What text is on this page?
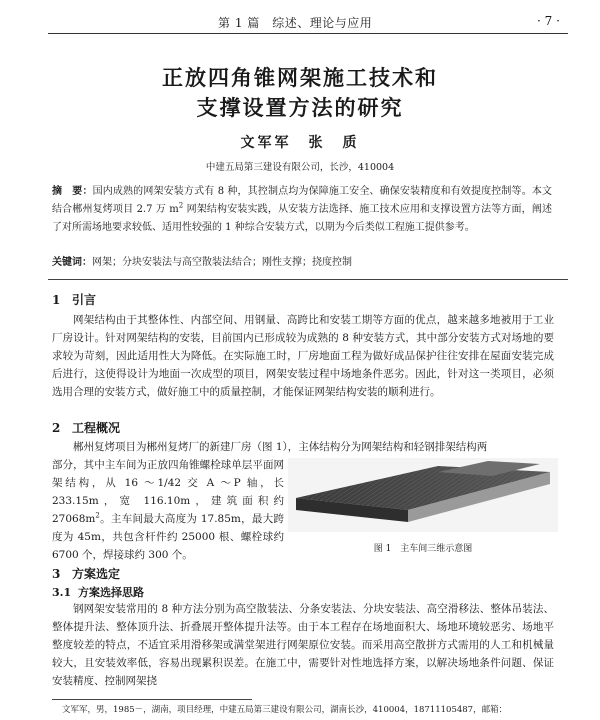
第 1 篇　综述、理论与应用	· 7 ·
正放四角锥网架施工技术和
支撑设置方法的研究
文军军　张　质
中建五局第三建设有限公司，长沙，410004
摘　要：国内成熟的网架安装方式有 8 种，其控制点均为保障施工安全、确保安装精度和有效提度控制等。本文结合郴州复烤项目 2.7 万 $m^2$ 网架结构安装实践，从安装方法选择、施工技术应用和支撑设置方法等方面，阐述了对所需场地要求较低、适用性较强的 1 种综合安装方式，以期为今后类似工程施工提供参考。
关键词：网架；分块安装法与高空散装法结合；刚性支撑；挠度控制
1 引言
网架结构由于其整体性、内部空间、用钢量、高跨比和安装工期等方面的优点，越来越多地被用于工业厂房设计。针对网架结构的安装，目前国内已形成较为成熟的 8 种安装方式，其中部分安装方式对场地的要求较为苛刻，因此适用性大为降低。在实际施工时，厂房地面工程为做好成品保护往往安排在屋面安装完成后进行，这使得设计为地面一次成型的项目，网架安装过程中场地条件恶劣。因此，针对这一类项目，必须选用合理的安装方式，做好施工中的质量控制，才能保证网架结构安装的顺利进行。
2 工程概况
郴州复烤项目为郴州复烤厂的新建厂房（图 1），主体结构分为网架结构和轻钢排架结构两
部分，其中主车间为正放四角锥螺栓球单层平面网架结构，从 16 ～1/42 交 A ～P 轴，长 233.15m，宽 116.10m，建筑面积约 $27068m^2$。主车间最大高度为 17.85m，最大跨度为 45m，共包含杆件约 25000 根、螺栓球约 6700 个，焊接球约 300 个。	图 1　主车间三维示意图
3 方案选定
3.1 方案选择思路
钢网架安装常用的 8 种方法分别为高空散装法、分条安装法、分块安装法、高空滑移法、整体吊装法、整体提升法、整体顶升法、折叠展开整体提升法等。由于本工程存在场地面积大、场地环境较恶劣、场地平整度较差的特点，不适宜采用滑移架或满堂架进行网架原位安装。而采用高空散拼方式需用的人工和机械量较大，且安装效率低，容易出现累积误差。在施工中，需要针对性地选择方案，以解决场地条件问题、保证安装精度、控制网架挠
文军军，男，1985－，湖南，项目经理，中建五局第三建设有限公司，湖南长沙，410004，18711105487，邮箱：
